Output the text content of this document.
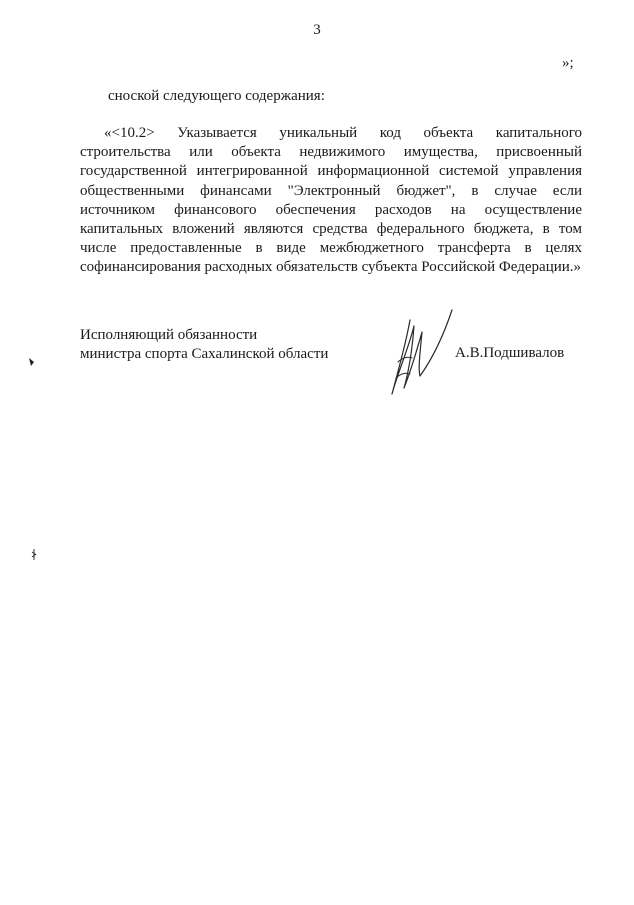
3
»;
сноской следующего содержания:

«<10.2> Указывается уникальный код объекта капитального строительства или объекта недвижимого имущества, присвоенный государственной интегрированной информационной системой управления общественными финансами "Электронный бюджет", в случае если источником финансового обеспечения расходов на осуществление капитальных вложений являются средства федерального бюджета, в том числе предоставленные в виде межбюджетного трансферта в целях софинансирования расходных обязательств субъекта Российской Федерации.»

Исполняющий обязанности
министра спорта Сахалинской области	А.В.Подшивалов
